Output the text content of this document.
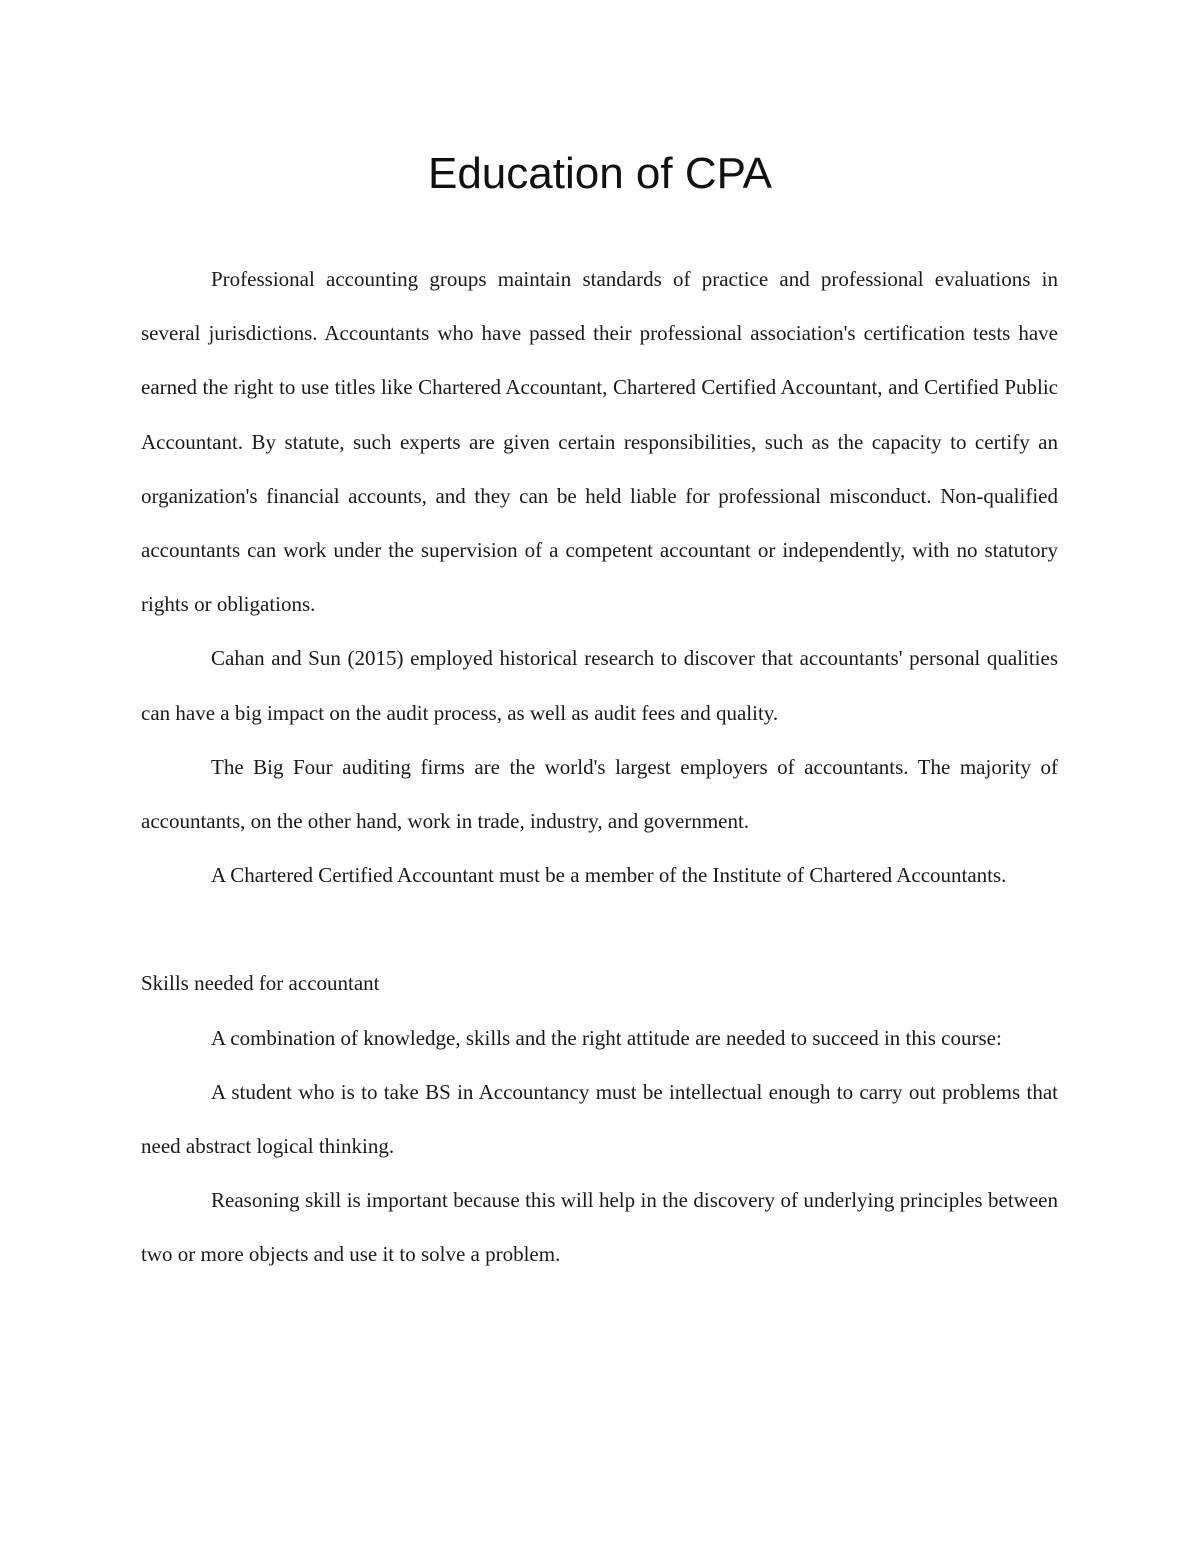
Education of CPA

Professional accounting groups maintain standards of practice and professional evaluations in several jurisdictions. Accountants who have passed their professional association's certification tests have earned the right to use titles like Chartered Accountant, Chartered Certified Accountant, and Certified Public Accountant. By statute, such experts are given certain responsibilities, such as the capacity to certify an organization's financial accounts, and they can be held liable for professional misconduct. Non-qualified accountants can work under the supervision of a competent accountant or independently, with no statutory rights or obligations.

Cahan and Sun (2015) employed historical research to discover that accountants' personal qualities can have a big impact on the audit process, as well as audit fees and quality.

The Big Four auditing firms are the world's largest employers of accountants. The majority of accountants, on the other hand, work in trade, industry, and government.

A Chartered Certified Accountant must be a member of the Institute of Chartered Accountants.

Skills needed for accountant

A combination of knowledge, skills and the right attitude are needed to succeed in this course:

A student who is to take BS in Accountancy must be intellectual enough to carry out problems that need abstract logical thinking.

Reasoning skill is important because this will help in the discovery of underlying principles between two or more objects and use it to solve a problem.
